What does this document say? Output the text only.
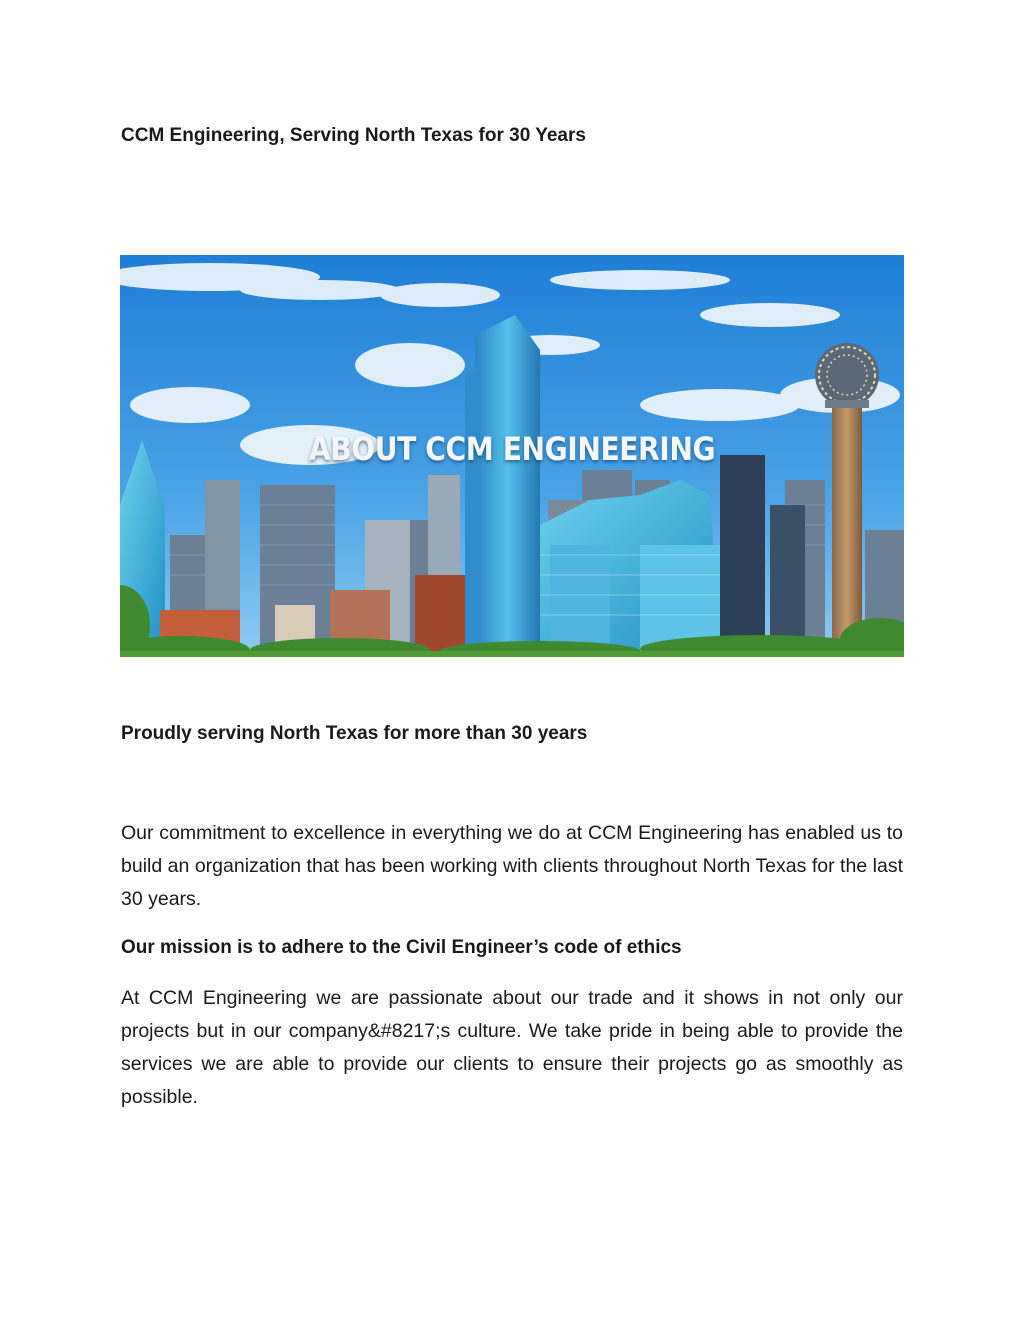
CCM Engineering, Serving North Texas for 30 Years
ABOUT CCM ENGINEERING
Proudly serving North Texas for more than 30 years

Our commitment to excellence in everything we do at CCM Engineering has enabled us to build an organization that has been working with clients throughout North Texas for the last 30 years.

Our mission is to adhere to the Civil Engineer’s code of ethics

At CCM Engineering we are passionate about our trade and it shows in not only our projects but in our company&#8217;s culture. We take pride in being able to provide the services we are able to provide our clients to ensure their projects go as smoothly as possible.
